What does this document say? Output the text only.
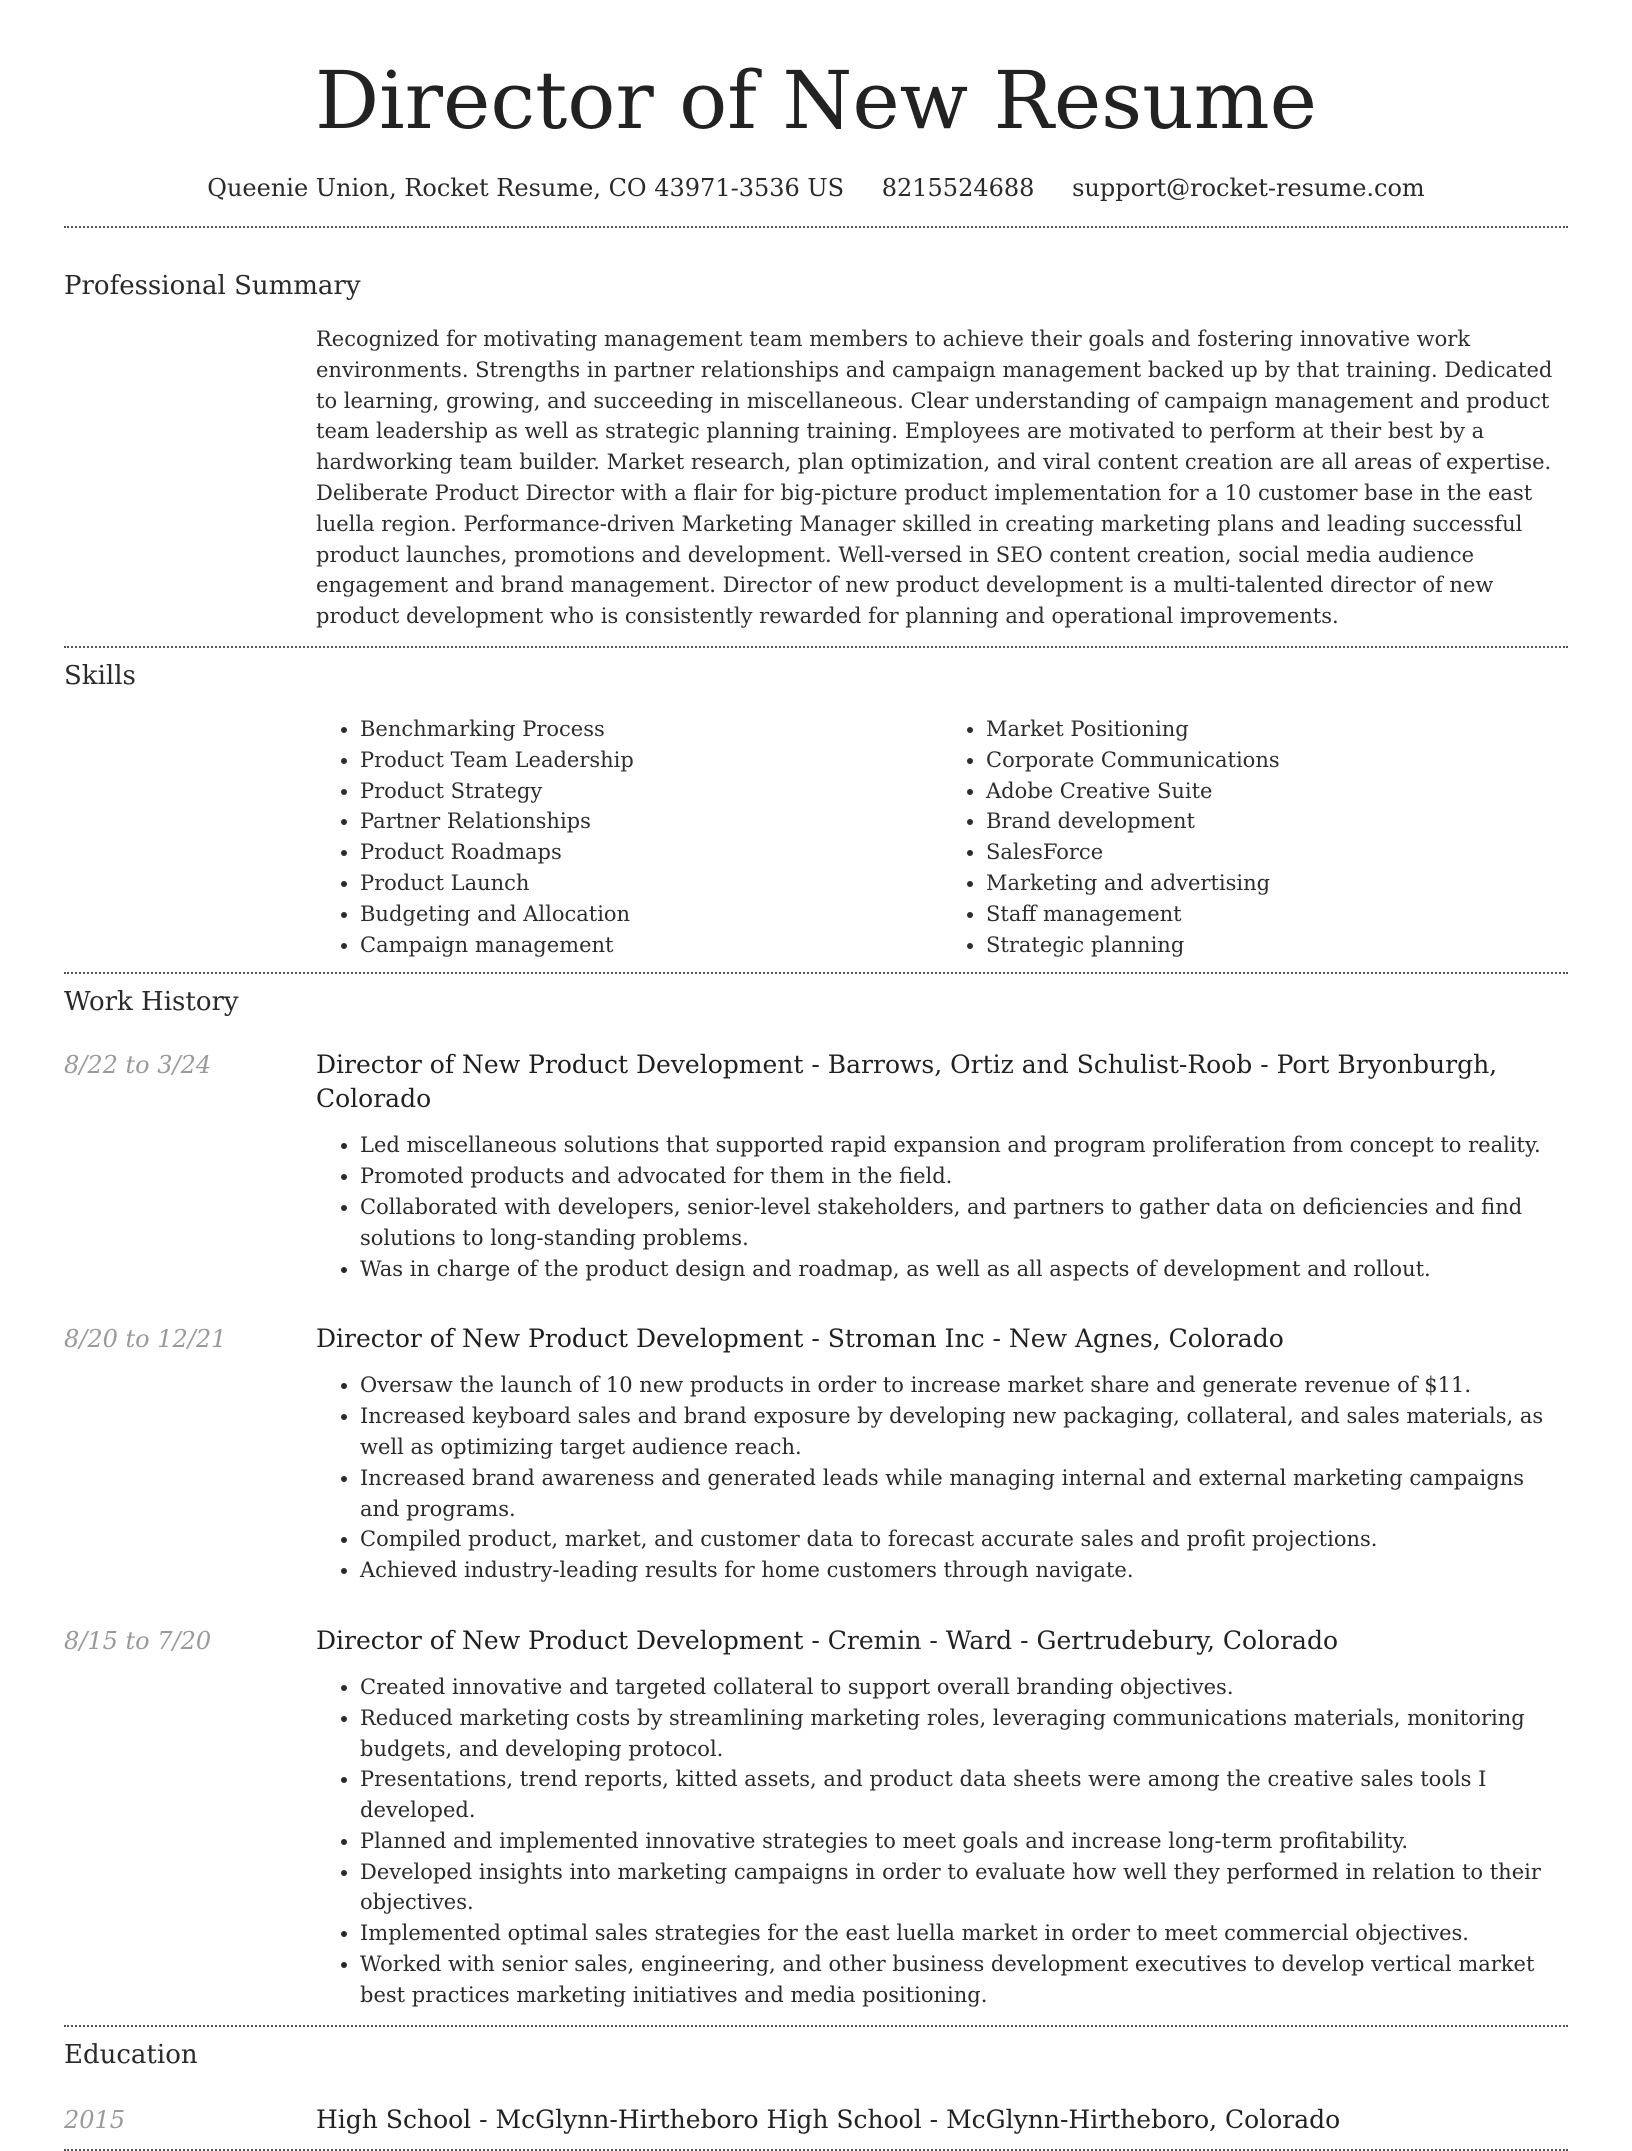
Director of New Resume
Queenie Union, Rocket Resume, CO 43971-3536 US 8215524688 support@rocket-resume.com
Professional Summary
Recognized for motivating management team members to achieve their goals and fostering innovative work environments. Strengths in partner relationships and campaign management backed up by that training. Dedicated to learning, growing, and succeeding in miscellaneous. Clear understanding of campaign management and product team leadership as well as strategic planning training. Employees are motivated to perform at their best by a hardworking team builder. Market research, plan optimization, and viral content creation are all areas of expertise. Deliberate Product Director with a flair for big-picture product implementation for a 10 customer base in the east luella region. Performance-driven Marketing Manager skilled in creating marketing plans and leading successful product launches, promotions and development. Well-versed in SEO content creation, social media audience engagement and brand management. Director of new product development is a multi-talented director of new product development who is consistently rewarded for planning and operational improvements.
Skills
• Benchmarking Process
• Product Team Leadership
• Product Strategy
• Partner Relationships
• Product Roadmaps
• Product Launch
• Budgeting and Allocation
• Campaign management
• Market Positioning
• Corporate Communications
• Adobe Creative Suite
• Brand development
• SalesForce
• Marketing and advertising
• Staff management
• Strategic planning
Work History
8/22 to 3/24	Director of New Product Development - Barrows, Ortiz and Schulist-Roob - Port Bryonburgh, Colorado
• Led miscellaneous solutions that supported rapid expansion and program proliferation from concept to reality.
• Promoted products and advocated for them in the field.
• Collaborated with developers, senior-level stakeholders, and partners to gather data on deficiencies and find solutions to long-standing problems.
• Was in charge of the product design and roadmap, as well as all aspects of development and rollout.
8/20 to 12/21	Director of New Product Development - Stroman Inc - New Agnes, Colorado
• Oversaw the launch of 10 new products in order to increase market share and generate revenue of $11.
• Increased keyboard sales and brand exposure by developing new packaging, collateral, and sales materials, as well as optimizing target audience reach.
• Increased brand awareness and generated leads while managing internal and external marketing campaigns and programs.
• Compiled product, market, and customer data to forecast accurate sales and profit projections.
• Achieved industry-leading results for home customers through navigate.
8/15 to 7/20	Director of New Product Development - Cremin - Ward - Gertrudebury, Colorado
• Created innovative and targeted collateral to support overall branding objectives.
• Reduced marketing costs by streamlining marketing roles, leveraging communications materials, monitoring budgets, and developing protocol.
• Presentations, trend reports, kitted assets, and product data sheets were among the creative sales tools I developed.
• Planned and implemented innovative strategies to meet goals and increase long-term profitability.
• Developed insights into marketing campaigns in order to evaluate how well they performed in relation to their objectives.
• Implemented optimal sales strategies for the east luella market in order to meet commercial objectives.
• Worked with senior sales, engineering, and other business development executives to develop vertical market best practices marketing initiatives and media positioning.
Education
2015	High School - McGlynn-Hirtheboro High School - McGlynn-Hirtheboro, Colorado
